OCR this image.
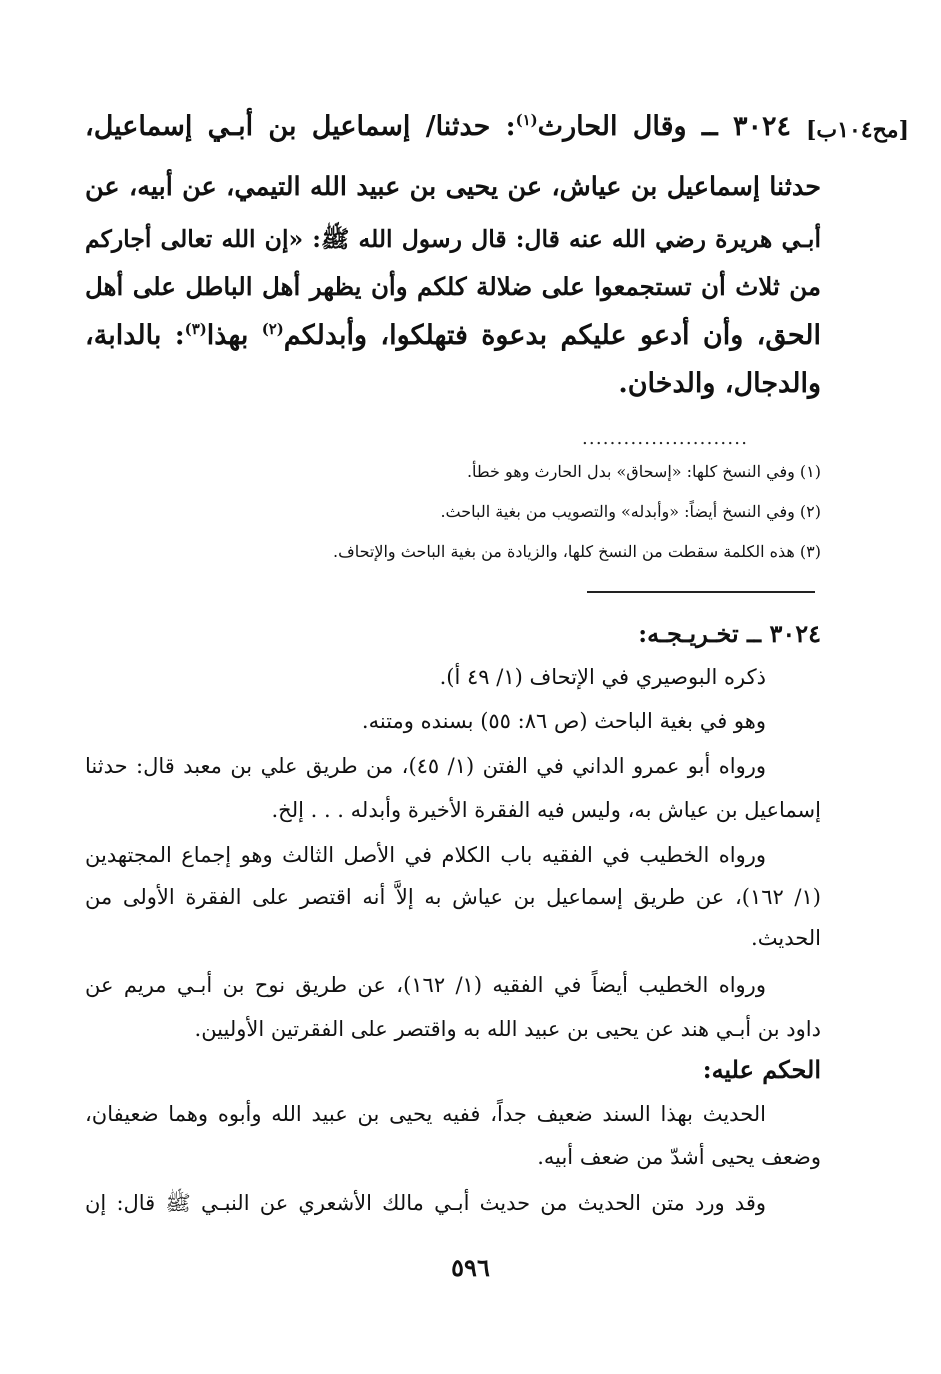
[مح١٠٤ب]
٣٠٢٤ ــ وقال الحارث$^{(١)}$: حدثنا/ إسماعيل بن أبـي إسماعيل،
حدثنا إسماعيل بن عياش، عن يحيى بن عبيد الله التيمي، عن أبيه، عن
أبـي هريرة رضي الله عنه قال: قال رسول الله ﷺ: «إن الله تعالى أجاركم
من ثلاث أن تستجمعوا على ضلالة كلكم وأن يظهر أهل الباطل على أهل
الحق، وأن أدعو عليكم بدعوة فتهلكوا، وأبدلكم$^{(٢)}$ بهذا$^{(٣)}$: بالدابة،
والدجال، والدخان.
........................
(١) وفي النسخ كلها: «إسحاق» بدل الحارث وهو خطأ.
(٢) وفي النسخ أيضاً: «وأبدله» والتصويب من بغية الباحث.
(٣) هذه الكلمة سقطت من النسخ كلها، والزيادة من بغية الباحث والإتحاف.
٣٠٢٤ ــ تخـريـجـه:
ذكره البوصيري في الإتحاف (١/ ٤٩ أ).
وهو في بغية الباحث (ص ٨٦: ٥٥) بسنده ومتنه.
ورواه أبو عمرو الداني في الفتن (١/ ٤٥)، من طريق علي بن معبد قال: حدثنا
إسماعيل بن عياش به، وليس فيه الفقرة الأخيرة وأبدله . . . إلخ.
ورواه الخطيب في الفقيه باب الكلام في الأصل الثالث وهو إجماع المجتهدين
(١/ ١٦٢)، عن طريق إسماعيل بن عياش به إلاَّ أنه اقتصر على الفقرة الأولى من
الحديث.
ورواه الخطيب أيضاً في الفقيه (١/ ١٦٢)، عن طريق نوح بن أبـي مريم عن
داود بن أبـي هند عن يحيى بن عبيد الله به واقتصر على الفقرتين الأوليين.
الحكم عليه:
الحديث بهذا السند ضعيف جداً، ففيه يحيى بن عبيد الله وأبوه وهما ضعيفان،
وضعف يحيى أشدّ من ضعف أبيه.
وقد ورد متن الحديث من حديث أبـي مالك الأشعري عن النبـي ﷺ قال: إن
٥٩٦
